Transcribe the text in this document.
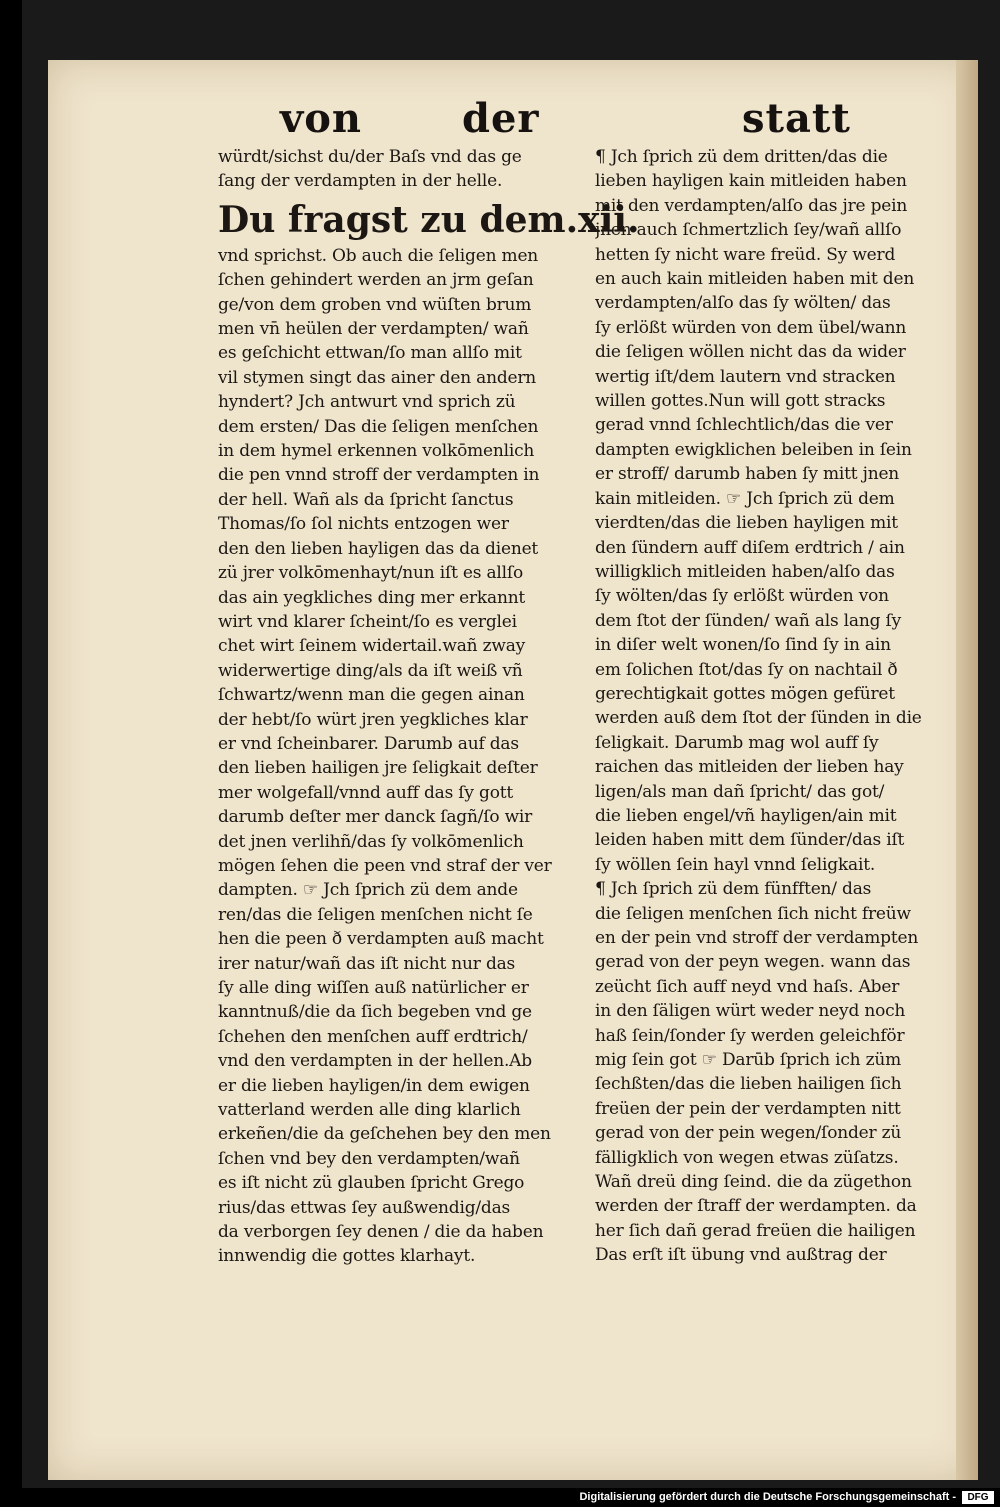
von der	statt
würdt/sichst du/der Baſs vnd das ge
ſang der verdampten in der helle.
Du fragst zu dem.xii.
vnd sprichst. Ob auch die ſeligen men
ſchen gehindert werden an jrm geſan
ge/von dem groben vnd wüſten brum
men vn̄ heülen der verdampten/ wañ
es geſchicht ettwan/ſo man allſo mit
vil stymen singt das ainer den andern
hyndert? Jch antwurt vnd sprich zü
dem ersten/ Das die ſeligen menſchen
in dem hymel erkennen volkōmenlich
die pen vnnd stroff der verdampten in
der hell. Wañ als da ſpricht ſanctus
Thomas/ſo ſol nichts entzogen wer
den den lieben hayligen das da dienet
zü jrer volkōmenhayt/nun iſt es allſo
das ain yegkliches ding mer erkannt
wirt vnd klarer ſcheint/ſo es verglei
chet wirt ſeinem widertail.wañ zway
widerwertige ding/als da iſt weiß vñ
ſchwartz/wenn man die gegen ainan
der hebt/ſo würt jren yegkliches klar
er vnd ſcheinbarer. Darumb auf das
den lieben hailigen jre ſeligkait deſter
mer wolgefall/vnnd auff das ſy gott
darumb deſter mer danck ſagñ/ſo wir
det jnen verlihñ/das ſy volkōmenlich
mögen ſehen die peen vnd straf der ver
dampten. ☞ Jch ſprich zü dem ande
ren/das die ſeligen menſchen nicht ſe
hen die peen ð verdampten auß macht
irer natur/wañ das iſt nicht nur das
ſy alle ding wiſſen auß natürlicher er
kanntnuß/die da ſich begeben vnd ge
ſchehen den menſchen auff erdtrich/
vnd den verdampten in der hellen.Ab
er die lieben hayligen/in dem ewigen
vatterland werden alle ding klarlich
erkeñen/die da geſchehen bey den men
ſchen vnd bey den verdampten/wañ
es iſt nicht zü glauben ſpricht Grego
rius/das ettwas ſey außwendig/das
da verborgen ſey denen / die da haben
innwendig die gottes klarhayt.
¶ Jch ſprich zü dem dritten/das die
lieben hayligen kain mitleiden haben
mit den verdampten/alſo das jre pein
jnen auch ſchmertzlich ſey/wañ allſo
hetten ſy nicht ware freüd. Sy werd
en auch kain mitleiden haben mit den
verdampten/alſo das ſy wölten/ das
ſy erlößt würden von dem übel/wann
die ſeligen wöllen nicht das da wider
wertig iſt/dem lautern vnd stracken
willen gottes.Nun will gott stracks
gerad vnnd ſchlechtlich/das die ver
dampten ewigklichen beleiben in ſein
er stroff/ darumb haben ſy mitt jnen
kain mitleiden. ☞ Jch ſprich zü dem
vierdten/das die lieben hayligen mit
den ſündern auff diſem erdtrich / ain
willigklich mitleiden haben/alſo das
ſy wölten/das ſy erlößt würden von
dem ſtot der ſünden/ wañ als lang ſy
in diſer welt wonen/ſo ſind ſy in ain
em ſolichen ſtot/das ſy on nachtail ð
gerechtigkait gottes mögen gefüret
werden auß dem ſtot der ſünden in die
ſeligkait. Darumb mag wol auff ſy
raichen das mitleiden der lieben hay
ligen/als man dañ ſpricht/ das got/
die lieben engel/vñ hayligen/ain mit
leiden haben mitt dem ſünder/das iſt
ſy wöllen ſein hayl vnnd ſeligkait.
¶ Jch ſprich zü dem fünfften/ das
die ſeligen menſchen ſich nicht freüw
en der pein vnd stroff der verdampten
gerad von der peyn wegen. wann das
zeücht ſich auff neyd vnd haſs. Aber
in den ſäligen würt weder neyd noch
haß ſein/ſonder ſy werden geleichför
mig ſein got ☞ Darūb ſprich ich züm
ſechßten/das die lieben hailigen ſich
freüen der pein der verdampten nitt
gerad von der pein wegen/ſonder zü
fälligklich von wegen etwas züſatzs.
Wañ dreü ding ſeind. die da zügethon
werden der ſtraff der werdampten. da
her ſich dañ gerad freüen die hailigen
Das erſt iſt übung vnd außtrag der
Digitalisierung gefördert durch die Deutsche Forschungsgemeinschaft -	DFG
